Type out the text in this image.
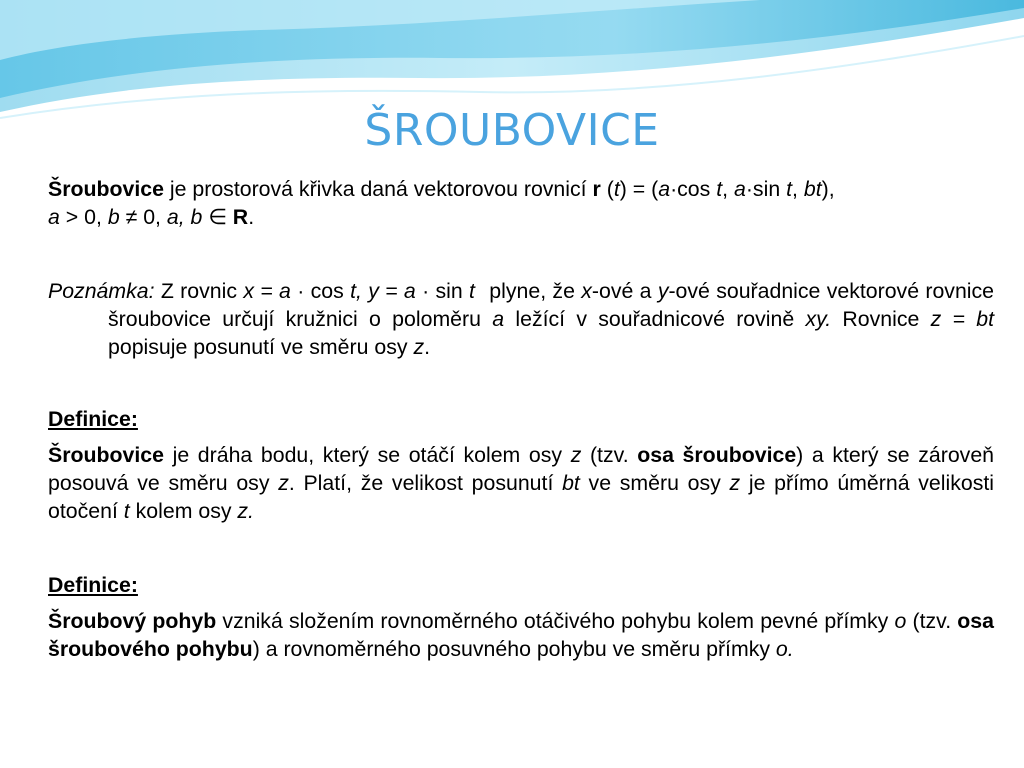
ŠROUBOVICE

Šroubovice je prostorová křivka daná vektorovou rovnicí r (t) = (a·cos t, a·sin t, bt),
a > 0, b ≠ 0, a, b ∈ R.

Poznámka: Z rovnic x = a · cos t, y = a · sin t plyne, že x-ové a y-ové souřadnice vektorové rovnice šroubovice určují kružnici o poloměru a ležící v souřadnicové rovině xy. Rovnice z = bt popisuje posunutí ve směru osy z.

Definice:

Šroubovice je dráha bodu, který se otáčí kolem osy z (tzv. osa šroubovice) a který se zároveň posouvá ve směru osy z. Platí, že velikost posunutí bt ve směru osy z je přímo úměrná velikosti otočení t kolem osy z.

Definice:

Šroubový pohyb vzniká složením rovnoměrného otáčivého pohybu kolem pevné přímky o (tzv. osa šroubového pohybu) a rovnoměrného posuvného pohybu ve směru přímky o.
